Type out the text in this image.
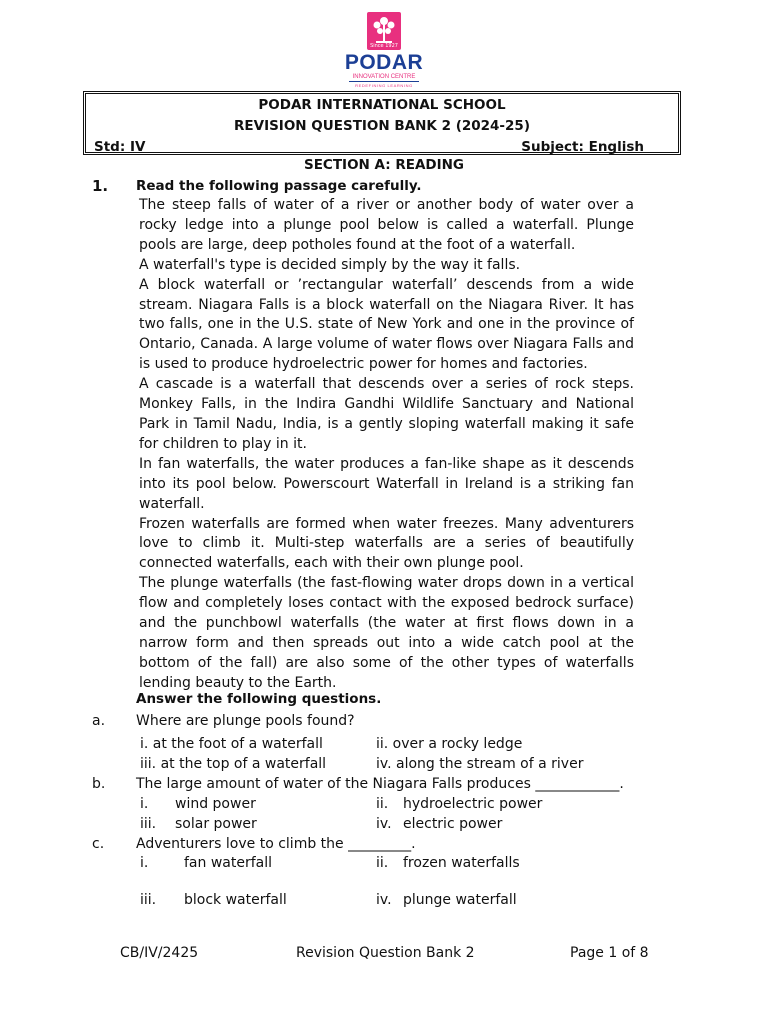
Since 1927
PODAR
INNOVATION CENTRE
REDEFINING LEARNING
PODAR INTERNATIONAL SCHOOL
REVISION QUESTION BANK 2 (2024-25)
Std: IV	Subject: English
SECTION A: READING
1. Read the following passage carefully.

The steep falls of water of a river or another body of water over a rocky ledge into a plunge pool below is called a waterfall. Plunge pools are large, deep potholes found at the foot of a waterfall.

A waterfall's type is decided simply by the way it falls.

A block waterfall or ’rectangular waterfall’ descends from a wide stream. Niagara Falls is a block waterfall on the Niagara River. It has two falls, one in the U.S. state of New York and one in the province of Ontario, Canada. A large volume of water flows over Niagara Falls and is used to produce hydroelectric power for homes and factories.

A cascade is a waterfall that descends over a series of rock steps. Monkey Falls, in the Indira Gandhi Wildlife Sanctuary and National Park in Tamil Nadu, India, is a gently sloping waterfall making it safe for children to play in it.

In fan waterfalls, the water produces a fan-like shape as it descends into its pool below. Powerscourt Waterfall in Ireland is a striking fan waterfall.

Frozen waterfalls are formed when water freezes. Many adventurers love to climb it. Multi-step waterfalls are a series of beautifully connected waterfalls, each with their own plunge pool.

The plunge waterfalls (the fast-flowing water drops down in a vertical flow and completely loses contact with the exposed bedrock surface) and the punchbowl waterfalls (the water at first flows down in a narrow form and then spreads out into a wide catch pool at the bottom of the fall) are also some of the other types of waterfalls lending beauty to the Earth.

Answer the following questions.
a. Where are plunge pools found?
i. at the foot of a waterfall	ii. over a rocky ledge
iii. at the top of a waterfall	iv. along the stream of a river
b. The large amount of water of the Niagara Falls produces ____________.
i. wind power	ii. hydroelectric power
iii. solar power	iv. electric power
c. Adventurers love to climb the _________.
i.	fan waterfall	ii. frozen waterfalls
iii. block waterfall	iv. plunge waterfall
CB/IV/2425	Revision Question Bank 2	Page 1 of 8
